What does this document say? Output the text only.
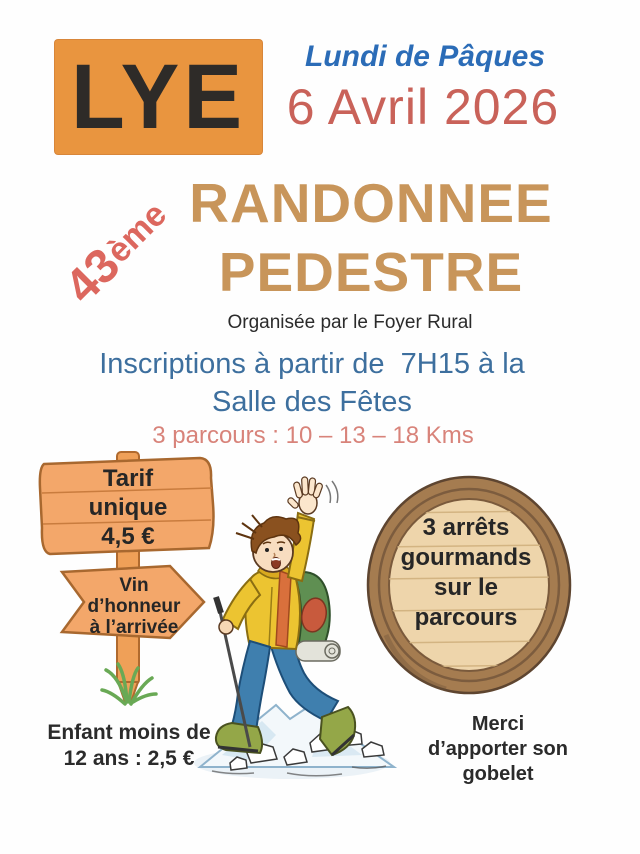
LYE	Lundi de Pâques
6 Avril 2026
43
ème RANDONNEE
PEDESTRE
Organisée par le Foyer Rural
Inscriptions à partir de  7H15 à la
Salle des Fêtes
3 parcours : 10 – 13 – 18 Kms
Tarif
unique
4,5 €
Vin
d’honneur
à l’arrivée
3 arrêts
gourmands
sur le
parcours
Enfant moins de
12 ans : 2,5 €
Merci
d’apporter son
gobelet
